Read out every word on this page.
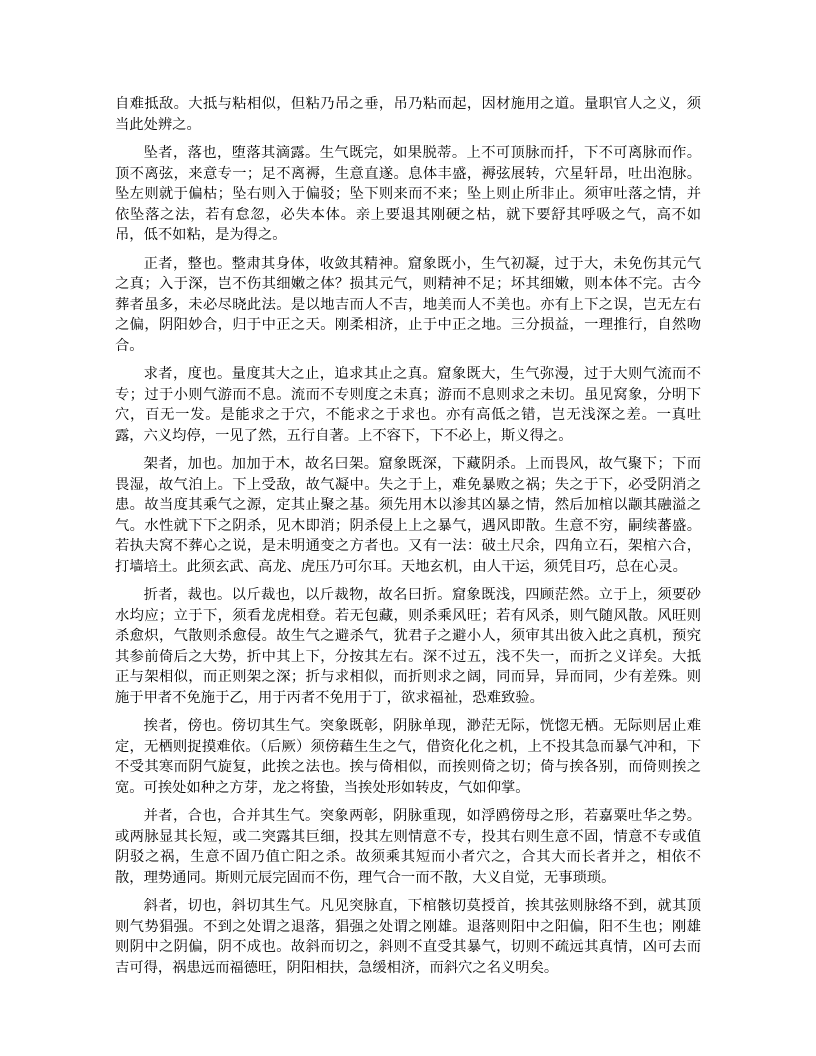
自难抵敌。大抵与粘相似，但粘乃吊之垂，吊乃粘而起，因材施用之道。量职官人之义，须当此处辨之。

坠者，落也，堕落其滴露。生气既完，如果脱蒂。上不可顶脉而扦，下不可离脉而作。顶不离弦，来意专一；足不离褥，生意直遂。息体丰盛，褥弦展转，穴星轩昂，吐出泡脉。坠左则就于偏枯；坠右则入于偏驳；坠下则来而不来；坠上则止所非止。须审吐落之情，并依坠落之法，若有怠忽，必失本体。亲上要退其刚硬之枯，就下要舒其呼吸之气，高不如吊，低不如粘，是为得之。

正者，整也。整肃其身体，收敛其精神。窟象既小，生气初凝，过于大，未免伤其元气之真；入于深，岂不伤其细嫩之体？损其元气，则精神不足；坏其细嫩，则本体不完。古今葬者虽多，未必尽晓此法。是以地吉而人不吉，地美而人不美也。亦有上下之误，岂无左右之偏，阴阳妙合，归于中正之天。刚柔相济，止于中正之地。三分损益，一理推行，自然吻合。

求者，度也。量度其大之止，追求其止之真。窟象既大，生气弥漫，过于大则气流而不专；过于小则气游而不息。流而不专则度之未真；游而不息则求之未切。虽见窝象，分明下穴，百无一发。是能求之于穴，不能求之于求也。亦有高低之错，岂无浅深之差。一真吐露，六义均停，一见了然，五行自著。上不容下，下不必上，斯义得之。

架者，加也。加加于木，故名曰架。窟象既深，下藏阴杀。上而畏风，故气聚下；下而畏湿，故气泊上。下上受敌，故气凝中。失之于上，难免暴败之祸；失之于下，必受阴消之患。故当度其乘气之源，定其止聚之基。须先用木以渗其凶暴之情，然后加棺以颛其融溢之气。水性就下下之阴杀，见木即消；阴杀侵上上之暴气，遇风即散。生意不穷，嗣续蕃盛。若执夫窝不葬心之说，是未明通变之方者也。又有一法：破土尺余，四角立石，架棺六合，打墙培土。此须玄武、高龙、虎压乃可尔耳。天地玄机，由人干运，须凭目巧，总在心灵。

折者，裁也。以斤裁也，以斤裁物，故名曰折。窟象既浅，四顾茫然。立于上，须要砂水均应；立于下，须看龙虎相登。若无包藏，则杀乘风旺；若有风杀，则气随风散。风旺则杀愈炽，气散则杀愈侵。故生气之避杀气，犹君子之避小人，须审其出彼入此之真机，预究其参前倚后之大势，折中其上下，分按其左右。深不过五，浅不失一，而折之义详矣。大抵正与架相似，而正则架之深；折与求相似，而折则求之阔，同而异，异而同，少有差殊。则施于甲者不免施于乙，用于丙者不免用于丁，欲求福祉，恐难致验。

挨者，傍也。傍切其生气。突象既彰，阴脉单现，渺茫无际，恍惚无栖。无际则居止难定，无栖则捉摸难依。（后厥）须傍藉生生之气，借资化化之机，上不投其急而暴气冲和，下不受其寒而阴气旋复，此挨之法也。挨与倚相似，而挨则倚之切；倚与挨各别，而倚则挨之宽。可挨处如种之方芽，龙之将蛰，当挨处形如转皮，气如仰掌。

并者，合也，合并其生气。突象两彰，阴脉重现，如浮鸥傍母之形，若嘉粟吐华之势。或两脉显其长短，或二突露其巨细，投其左则情意不专，投其右则生意不固，情意不专或值阴驳之祸，生意不固乃值亡阳之杀。故须乘其短而小者穴之，合其大而长者并之，相依不散，理势通同。斯则元辰完固而不伤，理气合一而不散，大义自觉，无事琐琐。

斜者，切也，斜切其生气。凡见突脉直，下棺骸切莫授首，挨其弦则脉络不到，就其顶则气势猖强。不到之处谓之退落，猖强之处谓之刚雄。退落则阳中之阳偏，阳不生也；刚雄则阴中之阴偏，阴不成也。故斜而切之，斜则不直受其暴气，切则不疏远其真情，凶可去而吉可得，祸患远而福德旺，阴阳相扶，急缓相济，而斜穴之名义明矣。
